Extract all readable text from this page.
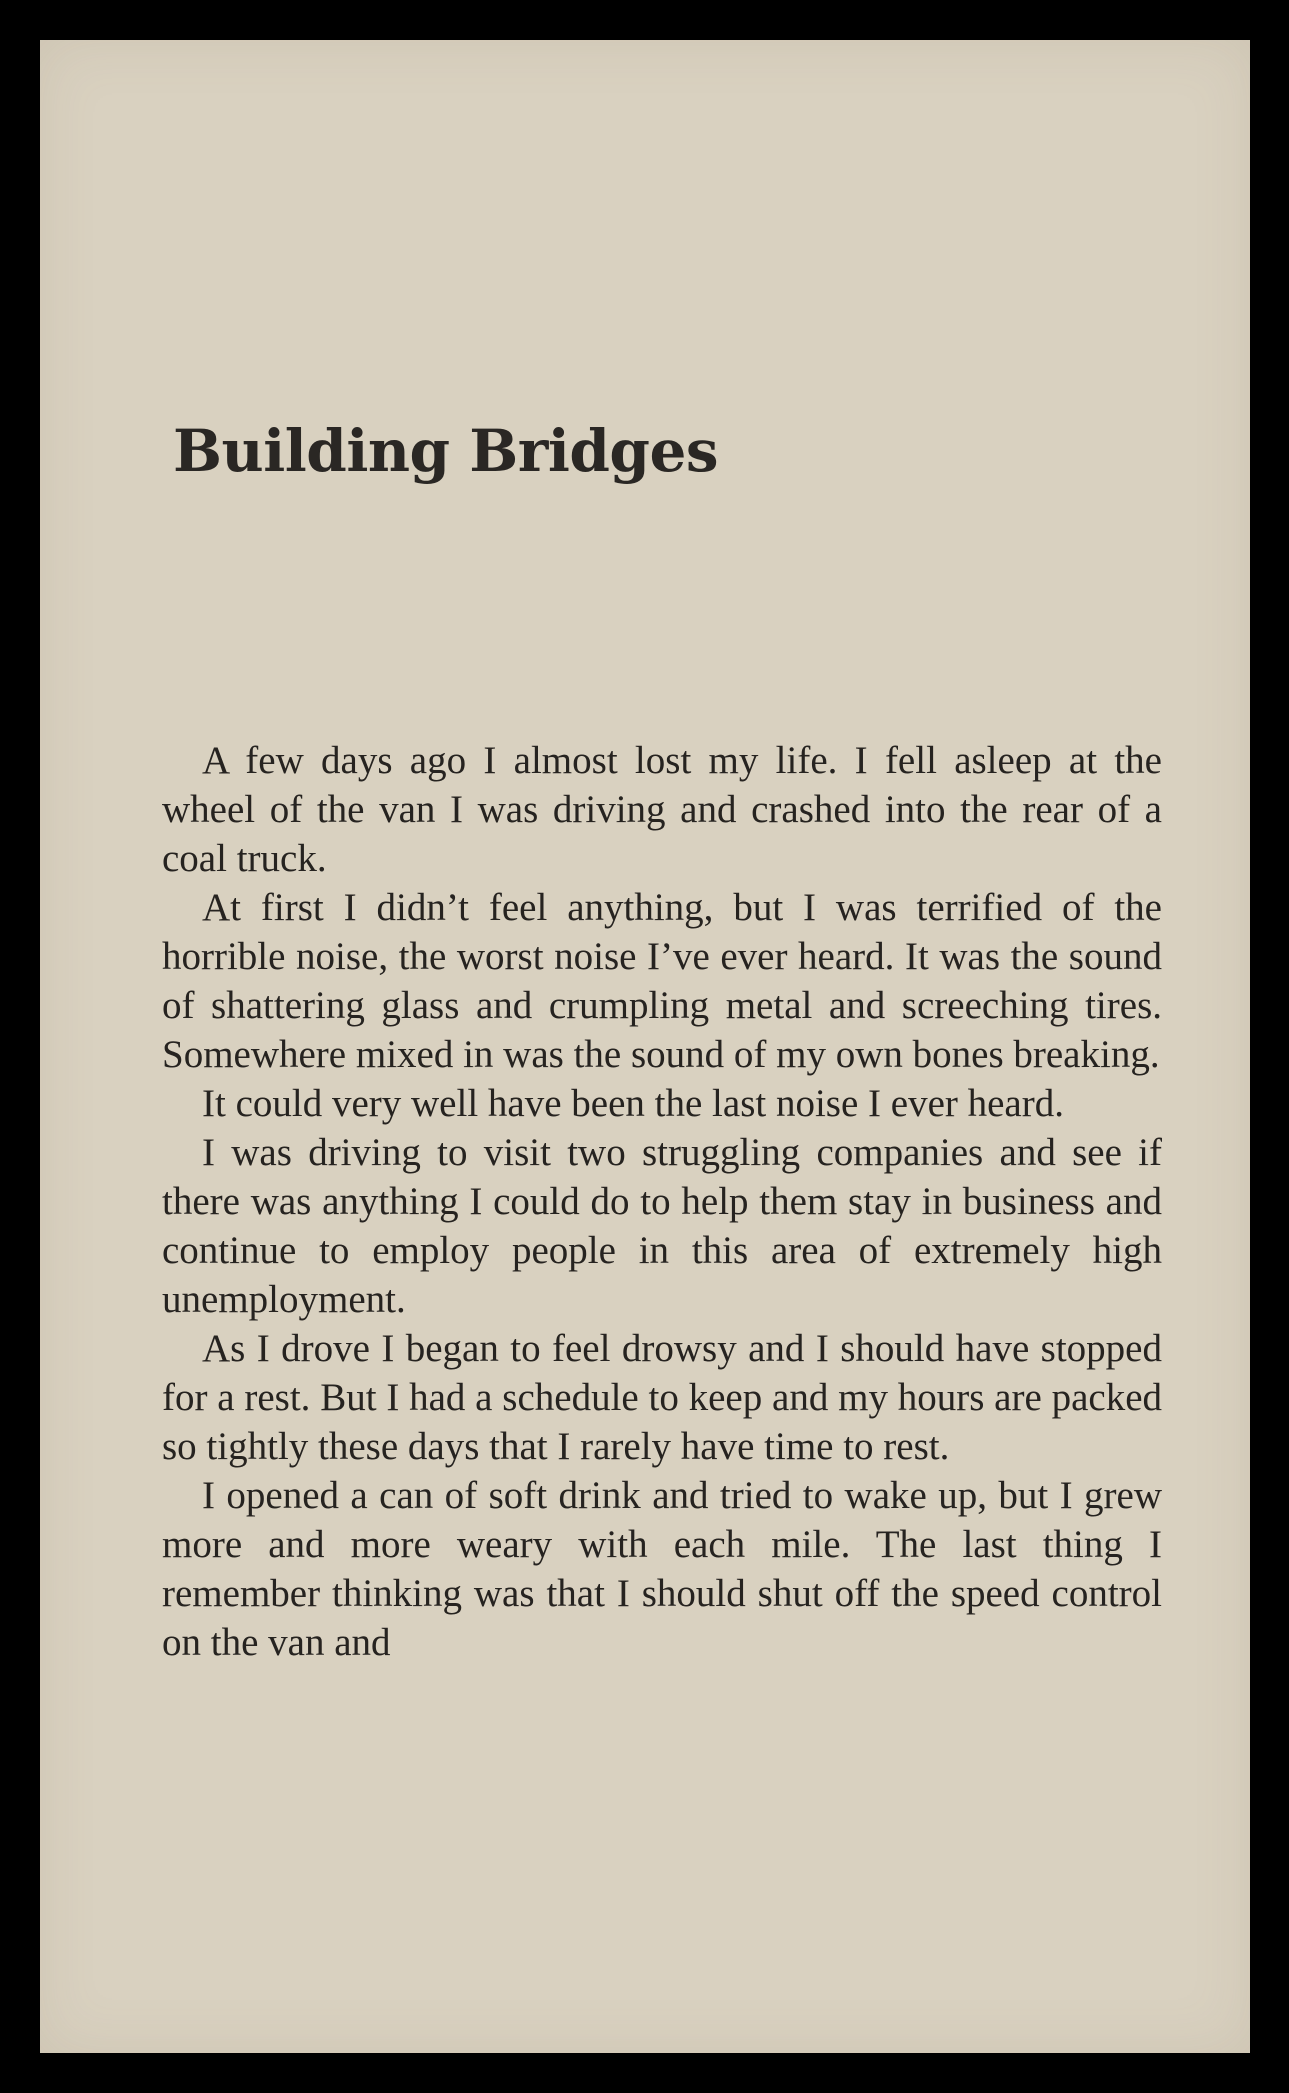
Building Bridges

A few days ago I almost lost my life. I fell asleep at the wheel of the van I was driving and crashed into the rear of a coal truck.

At first I didn’t feel anything, but I was terrified of the horrible noise, the worst noise I’ve ever heard. It was the sound of shattering glass and crumpling metal and screeching tires. Somewhere mixed in was the sound of my own bones breaking.

It could very well have been the last noise I ever heard.

I was driving to visit two struggling companies and see if there was anything I could do to help them stay in business and continue to employ people in this area of extremely high unemployment.

As I drove I began to feel drowsy and I should have stopped for a rest. But I had a schedule to keep and my hours are packed so tightly these days that I rarely have time to rest.

I opened a can of soft drink and tried to wake up, but I grew more and more weary with each mile. The last thing I remember thinking was that I should shut off the speed control on the van and
